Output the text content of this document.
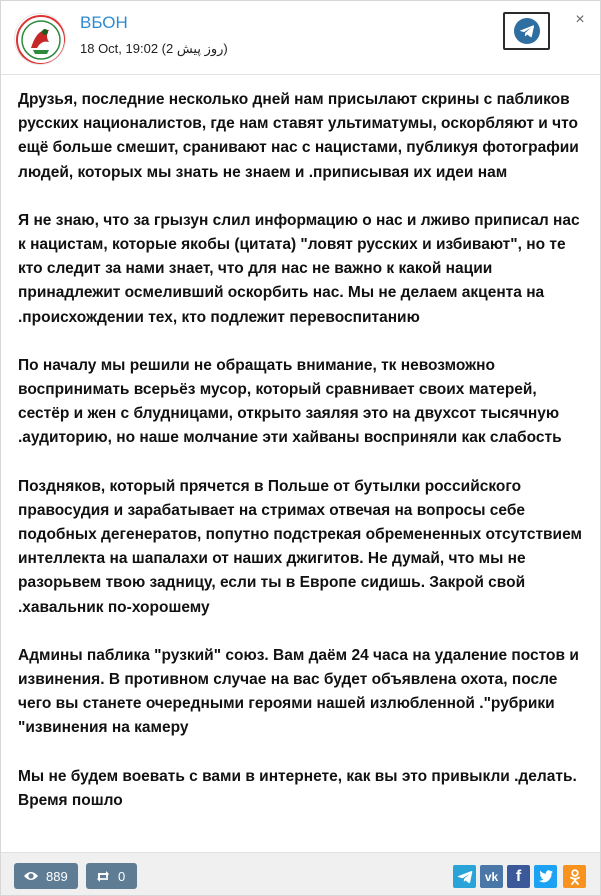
ВБОН
18 Oct, 19:02 (2 روز پیش)
×

Друзья, последние несколько дней нам присылают скрины с пабликов русских националистов, где нам ставят ультиматумы, оскорбляют и что ещё больше смешит, сранивают нас с нацистами, публикуя фотографии людей, которых мы знать не знаем и .приписывая их идеи нам

Я не знаю, что за грызун слил информацию о нас и лживо приписал нас к нацистам, которые якобы (цитата) "ловят русских и избивают", но те кто следит за нами знает, что для нас не важно к какой нации принадлежит осмеливший оскорбить нас. Мы не делаем акцента на .происхождении тех, кто подлежит перевоспитанию

По началу мы решили не обращать внимание, тк невозможно воспринимать всерьёз мусор, который сравнивает своих матерей, сестёр и жен с блудницами, открыто заяляя это на двухсот тысячную .аудиторию, но наше молчание эти хайваны восприняли как слабость

Поздняков, который прячется в Польше от бутылки российского правосудия и зарабатывает на стримах отвечая на вопросы себе подобных дегенератов, попутно подстрекая обремененных отсутствием интеллекта на шапалахи от наших джигитов. Не думай, что мы не разорьвем твою задницу, если ты в Европе сидишь. Закрой свой .хавальник по-хорошему

Админы паблика "рузкий" союз. Вам даём 24 часа на удаление постов и извинения. В противном случае на вас будет объявлена охота, после чего вы станете очередными героями нашей излюбленной ."рубрики "извинения на камеру

Мы не будем воевать с вами в интернете, как вы это привыкли .делать. Время пошло

889	0	vk	f
